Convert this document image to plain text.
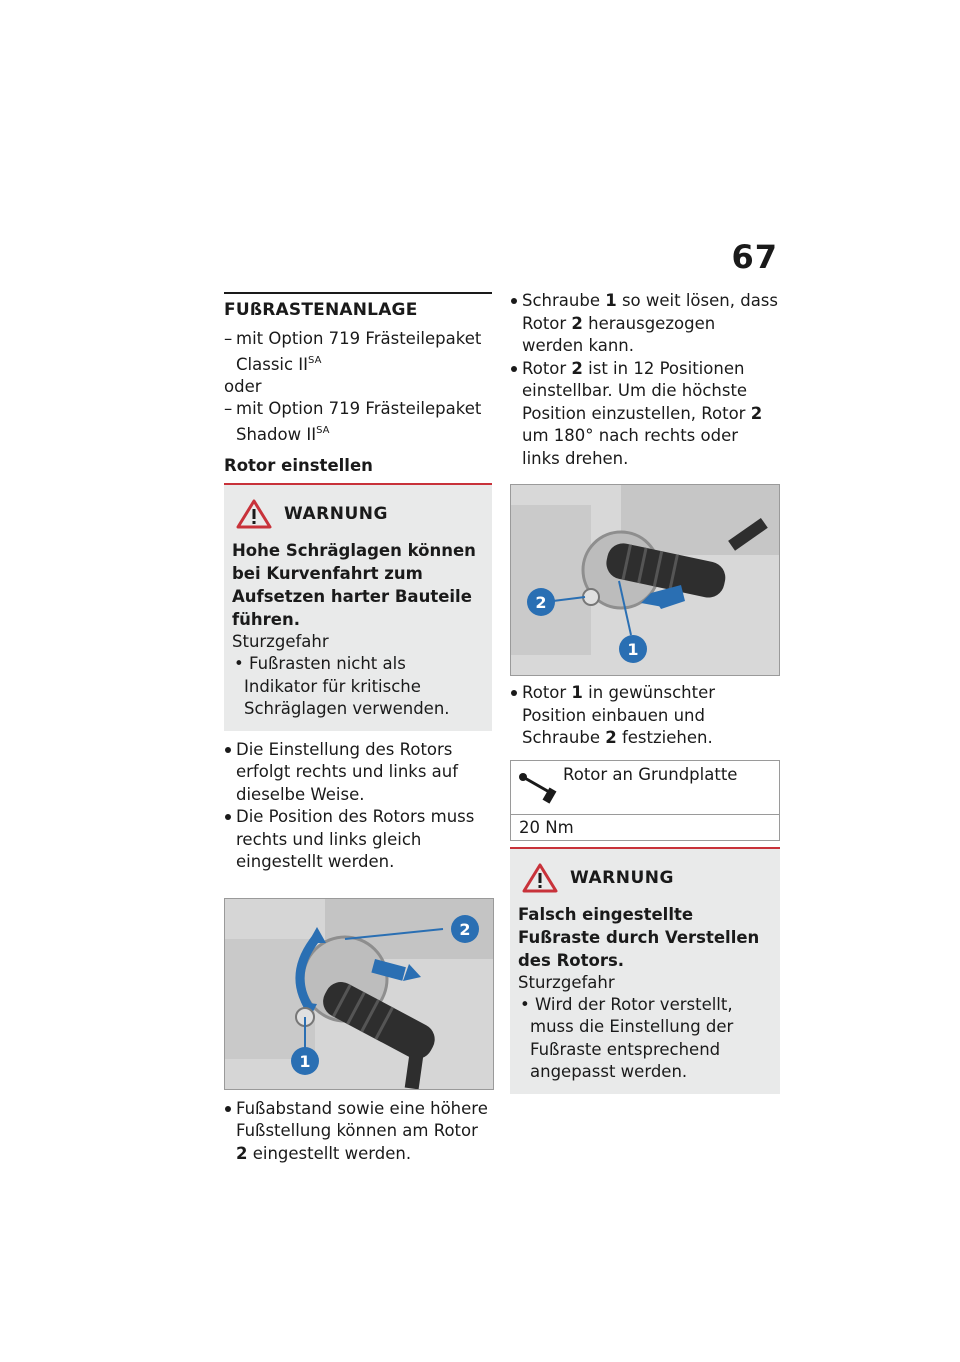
67
FUßRASTENANLAGE
– mit Option 719 Frästeilepaket
Classic $II^{SA}$
oder
– mit Option 719 Frästeilepaket
Shadow $II^{SA}$
Rotor einstellen
WARNUNG
Hohe Schräglagen können bei Kurvenfahrt zum Aufsetzen harter Bauteile führen.
Sturzgefahr
• Fußrasten nicht als Indikator für kritische Schräglagen verwenden.
Die Einstellung des Rotors erfolgt rechts und links auf dieselbe Weise.
Die Position des Rotors muss rechts und links gleich eingestellt werden.
1
2
Fußabstand sowie eine höhere Fußstellung können am Rotor 2 eingestellt werden.
Schraube 1 so weit lösen, dass Rotor 2 herausgezogen werden kann.
Rotor 2 ist in 12 Positionen einstellbar. Um die höchste Position einzustellen, Rotor 2 um 180° nach rechts oder links drehen.
2
1
Rotor 1 in gewünschter Position einbauen und Schraube 2 festziehen.
Rotor an Grundplatte
20 Nm
WARNUNG
Falsch eingestellte Fußraste durch Verstellen des Rotors.
Sturzgefahr
• Wird der Rotor verstellt, muss die Einstellung der Fußraste entsprechend angepasst werden.
